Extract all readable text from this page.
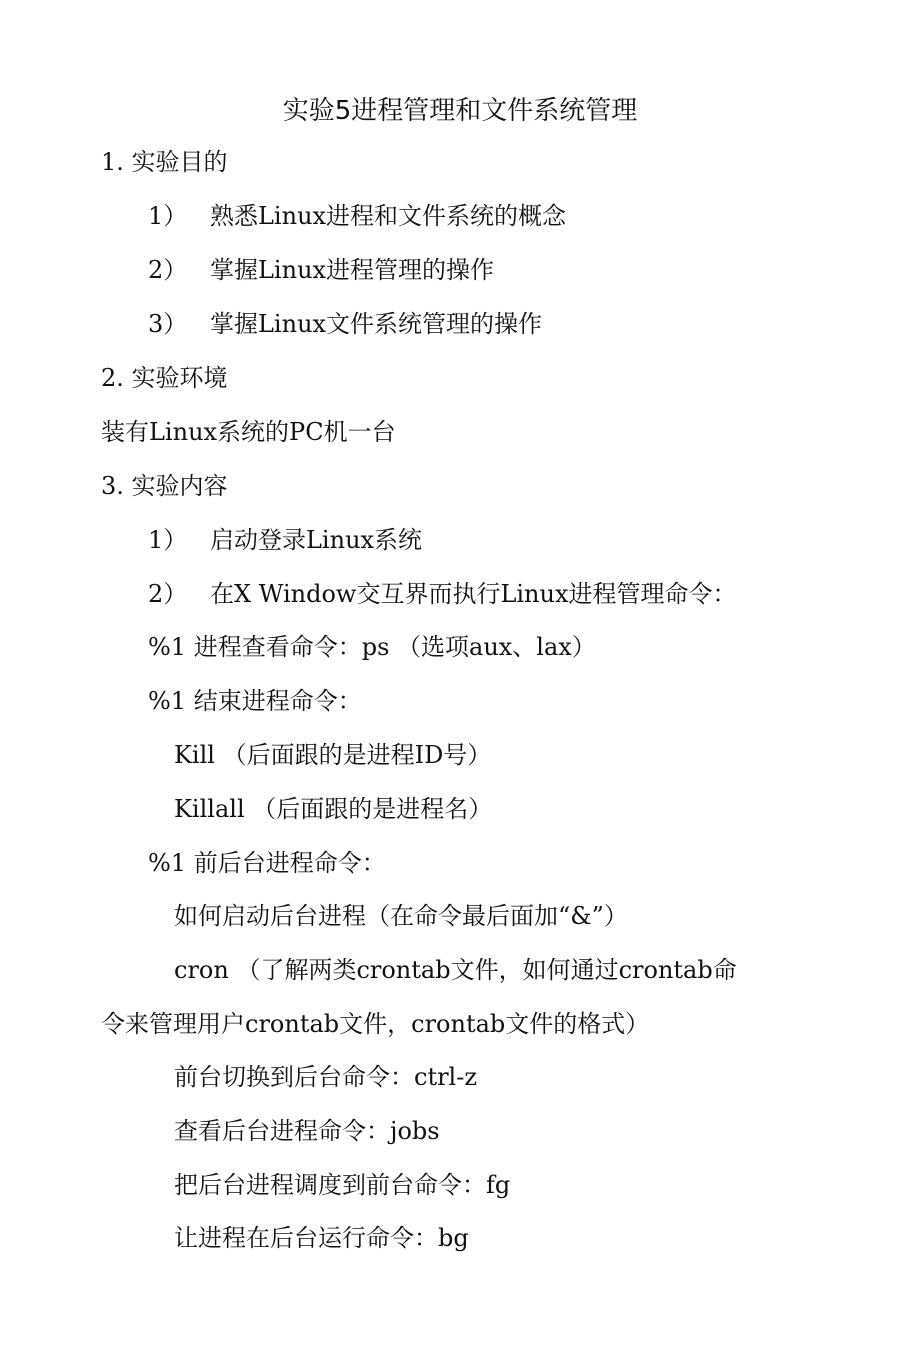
实验5进程管理和文件系统管理
1. 实验目的
1） 熟悉Linux进程和文件系统的概念
2） 掌握Linux进程管理的操作
3） 掌握Linux文件系统管理的操作
2. 实验环境
装有Linux系统的PC机一台
3. 实验内容
1） 启动登录Linux系统
2） 在X Window交互界而执行Linux进程管理命令：
%1 进程查看命令：ps （选项aux、lax）
%1 结束进程命令：
Kill （后面跟的是进程ID号）
Killall （后面跟的是进程名）
%1 前后台进程命令：
如何启动后台进程（在命令最后面加“&”）
cron （了解两类crontab文件，如何通过crontab命
令来管理用户crontab文件，crontab文件的格式）
前台切换到后台命令：ctrl-z
查看后台进程命令：jobs
把后台进程调度到前台命令：fg
让进程在后台运行命令：bg
